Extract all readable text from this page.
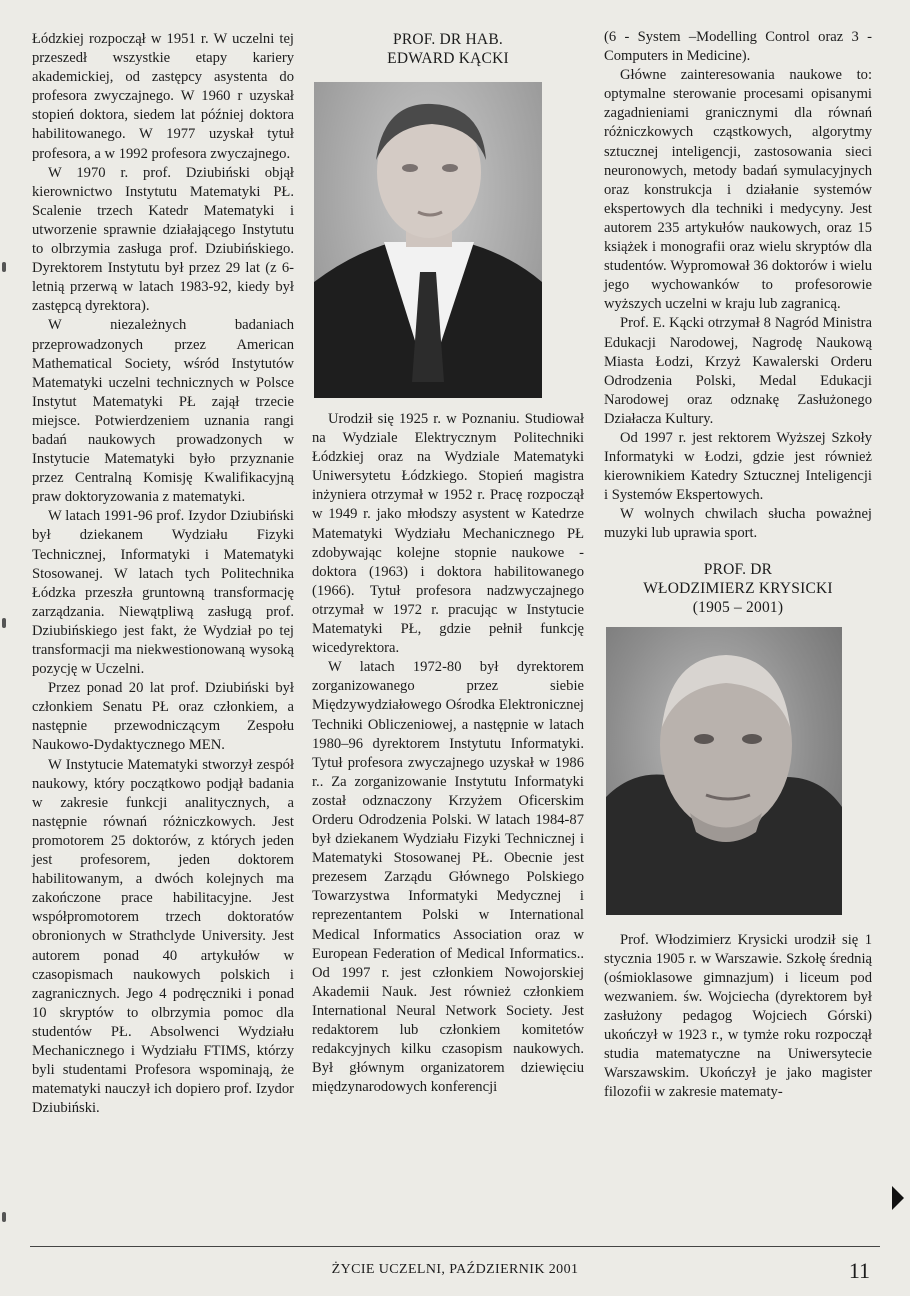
Łódzkiej rozpoczął w 1951 r. W uczelni tej przeszedł wszystkie etapy kariery akademickiej, od zastępcy asystenta do profesora zwyczajnego. W 1960 r uzyskał stopień doktora, siedem lat później doktora habilitowanego. W 1977 uzyskał tytuł profesora, a w 1992 profesora zwyczajnego.

W 1970 r. prof. Dziubiński objął kierownictwo Instytutu Matematyki PŁ. Scalenie trzech Katedr Matematyki i utworzenie sprawnie działającego Instytutu to olbrzymia zasługa prof. Dziubińskiego. Dyrektorem Instytutu był przez 29 lat (z 6-letnią przerwą w latach 1983-92, kiedy był zastępcą dyrektora).

W niezależnych badaniach przeprowadzonych przez American Mathematical Society, wśród Instytutów Matematyki uczelni technicznych w Polsce Instytut Matematyki PŁ zajął trzecie miejsce. Potwierdzeniem uznania rangi badań naukowych prowadzonych w Instytucie Matematyki było przyznanie przez Centralną Komisję Kwalifikacyjną praw doktoryzowania z matematyki.

W latach 1991-96 prof. Izydor Dziubiński był dziekanem Wydziału Fizyki Technicznej, Informatyki i Matematyki Stosowanej. W latach tych Politechnika Łódzka przeszła gruntowną transformację zarządzania. Niewątpliwą zasługą prof. Dziubińskiego jest fakt, że Wydział po tej transformacji ma niekwestionowaną wysoką pozycję w Uczelni.

Przez ponad 20 lat prof. Dziubiński był członkiem Senatu PŁ oraz członkiem, a następnie przewodniczącym Zespołu Naukowo-Dydaktycznego MEN.

W Instytucie Matematyki stworzył zespół naukowy, który początkowo podjął badania w zakresie funkcji analitycznych, a następnie równań różniczkowych. Jest promotorem 25 doktorów, z których jeden jest profesorem, jeden doktorem habilitowanym, a dwóch kolejnych ma zakończone prace habilitacyjne. Jest współpromotorem trzech doktoratów obronionych w Strathclyde University. Jest autorem ponad 40 artykułów w czasopismach naukowych polskich i zagranicznych. Jego 4 podręczniki i ponad 10 skryptów to olbrzymia pomoc dla studentów PŁ. Absolwenci Wydziału Mechanicznego i Wydziału FTIMS, którzy byli studentami Profesora wspominają, że matematyki nauczył ich dopiero prof. Izydor Dziubiński.

PROF. DR HAB.
EDWARD KĄCKI

Urodził się 1925 r. w Poznaniu. Studiował na Wydziale Elektrycznym Politechniki Łódzkiej oraz na Wydziale Matematyki Uniwersytetu Łódzkiego. Stopień magistra inżyniera otrzymał w 1952 r. Pracę rozpoczął w 1949 r. jako młodszy asystent w Katedrze Matematyki Wydziału Mechanicznego PŁ zdobywając kolejne stopnie naukowe - doktora (1963) i doktora habilitowanego (1966). Tytuł profesora nadzwyczajnego otrzymał w 1972 r. pracując w Instytucie Matematyki PŁ, gdzie pełnił funkcję wicedyrektora.

W latach 1972-80 był dyrektorem zorganizowanego przez siebie Międzywydziałowego Ośrodka Elektronicznej Techniki Obliczeniowej, a następnie w latach 1980–96 dyrektorem Instytutu Informatyki. Tytuł profesora zwyczajnego uzyskał w 1986 r.. Za zorganizowanie Instytutu Informatyki został odznaczony Krzyżem Oficerskim Orderu Odrodzenia Polski. W latach 1984-87 był dziekanem Wydziału Fizyki Technicznej i Matematyki Stosowanej PŁ. Obecnie jest prezesem Zarządu Głównego Polskiego Towarzystwa Informatyki Medycznej i reprezentantem Polski w International Medical Informatics Association oraz w European Federation of Medical Informatics.. Od 1997 r. jest członkiem Nowojorskiej Akademii Nauk. Jest również członkiem International Neural Network Society. Jest redaktorem lub członkiem komitetów redakcyjnych kilku czasopism naukowych. Był głównym organizatorem dziewięciu międzynarodowych konferencji

(6 - System –Modelling Control oraz 3 - Computers in Medicine).

Główne zainteresowania naukowe to: optymalne sterowanie procesami opisanymi zagadnieniami granicznymi dla równań różniczkowych cząstkowych, algorytmy sztucznej inteligencji, zastosowania sieci neuronowych, metody badań symulacyjnych oraz konstrukcja i działanie systemów ekspertowych dla techniki i medycyny. Jest autorem 235 artykułów naukowych, oraz 15 książek i monografii oraz wielu skryptów dla studentów. Wypromował 36 doktorów i wielu jego wychowanków to profesorowie wyższych uczelni w kraju lub zagranicą.

Prof. E. Kącki otrzymał 8 Nagród Ministra Edukacji Narodowej, Nagrodę Naukową Miasta Łodzi, Krzyż Kawalerski Orderu Odrodzenia Polski, Medal Edukacji Narodowej oraz odznakę Zasłużonego Działacza Kultury.

Od 1997 r. jest rektorem Wyższej Szkoły Informatyki w Łodzi, gdzie jest również kierownikiem Katedry Sztucznej Inteligencji i Systemów Ekspertowych.

W wolnych chwilach słucha poważnej muzyki lub uprawia sport.

PROF. DR
WŁODZIMIERZ KRYSICKI
(1905 – 2001)

Prof. Włodzimierz Krysicki urodził się 1 stycznia 1905 r. w Warszawie. Szkołę średnią (ośmioklasowe gimnazjum) i liceum pod wezwaniem. św. Wojciecha (dyrektorem był zasłużony pedagog Wojciech Górski) ukończył w 1923 r., w tymże roku rozpoczął studia matematyczne na Uniwersytecie Warszawskim. Ukończył je jako magister filozofii w zakresie matematy-

ŻYCIE UCZELNI, PAŹDZIERNIK 2001	11
